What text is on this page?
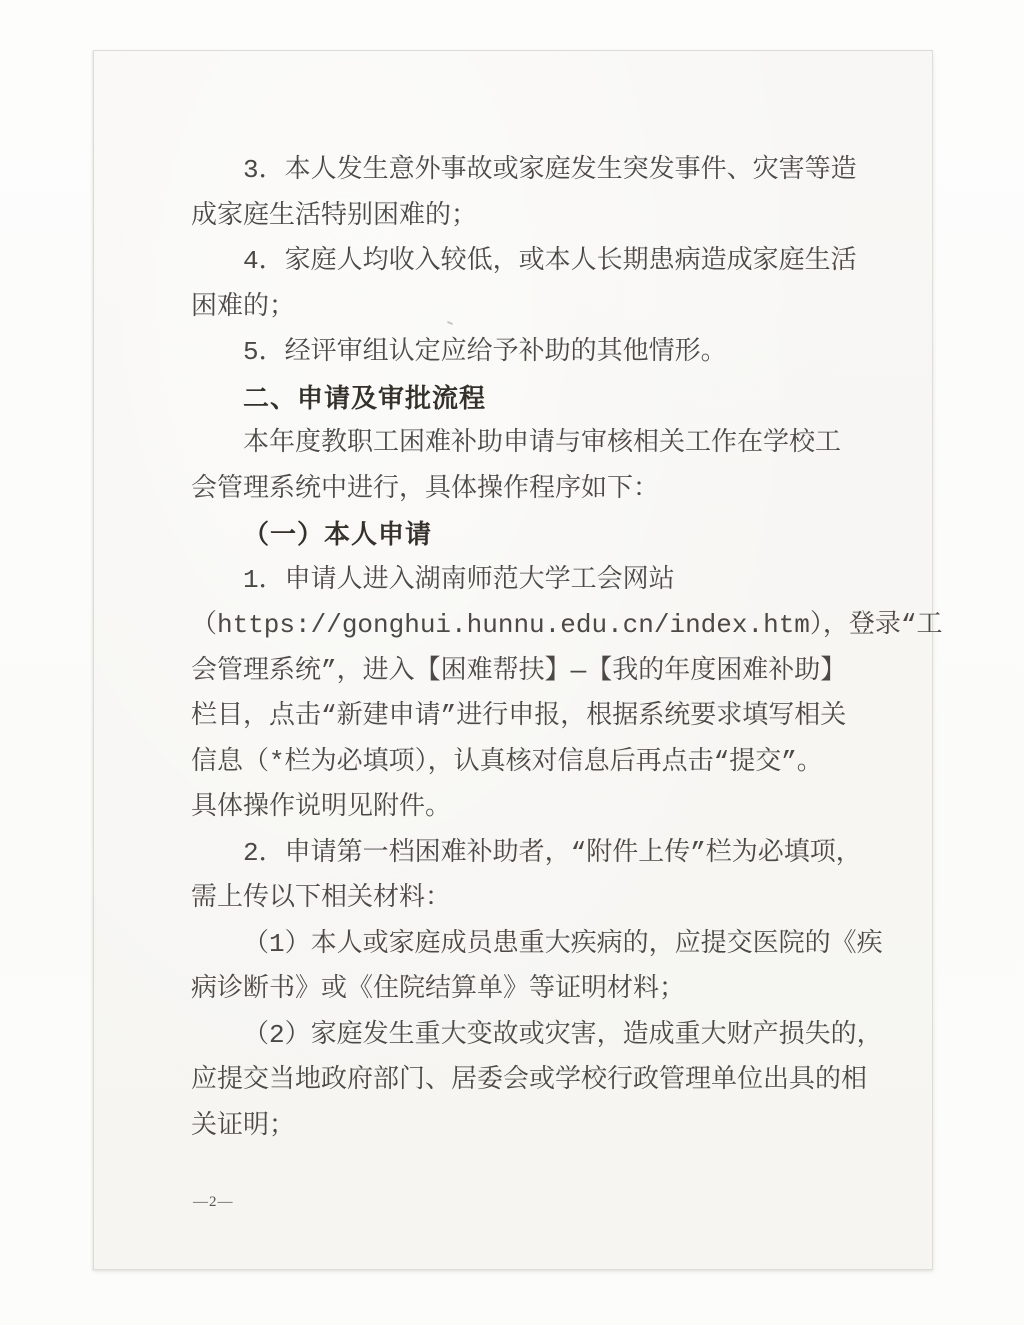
3．本人发生意外事故或家庭发生突发事件、灾害等造
成家庭生活特别困难的；
4．家庭人均收入较低，或本人长期患病造成家庭生活
困难的；
5．经评审组认定应给予补助的其他情形。
二、申请及审批流程
本年度教职工困难补助申请与审核相关工作在学校工
会管理系统中进行，具体操作程序如下：
（一）本人申请
1．申请人进入湖南师范大学工会网站
（https://gonghui.hunnu.edu.cn/index.htm），登录“工
会管理系统”，进入【困难帮扶】—【我的年度困难补助】
栏目，点击“新建申请”进行申报，根据系统要求填写相关
信息（*栏为必填项），认真核对信息后再点击“提交”。
具体操作说明见附件。
2．申请第一档困难补助者，“附件上传”栏为必填项，
需上传以下相关材料：
（1）本人或家庭成员患重大疾病的，应提交医院的《疾
病诊断书》或《住院结算单》等证明材料；
（2）家庭发生重大变故或灾害，造成重大财产损失的，
应提交当地政府部门、居委会或学校行政管理单位出具的相
关证明；
—2—
